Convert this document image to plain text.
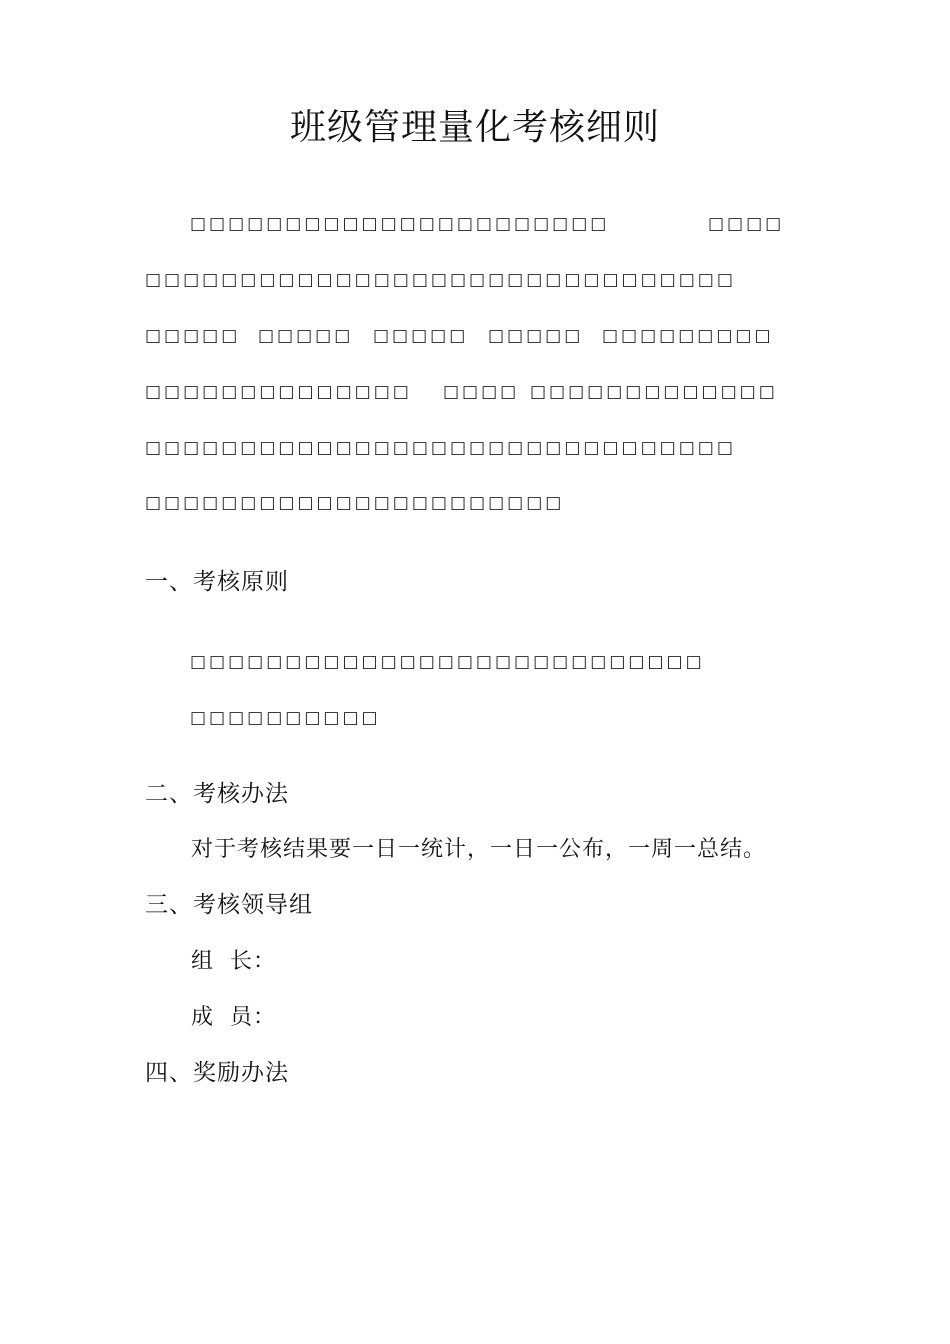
班级管理量化考核细则
□□□□□□□□□□□□□□□□□□□□□□	□□□□
□□□□□□□□□□□□□□□□□□□□□□□□□□□□□□□
□□□□□ □□□□□ □□□□□ □□□□□ □□□□□□□□□
□□□□□□□□□□□□□□ □□□□ □□□□□□□□□□□□□
□□□□□□□□□□□□□□□□□□□□□□□□□□□□□□□
□□□□□□□□□□□□□□□□□□□□□□
一、考核原则
□□□□□□□□□□□□□□□□□□□□□□□□□□□
□□□□□□□□□□
二、考核办法
对于考核结果要一日一统计，一日一公布，一周一总结。
三、考核领导组
组  长：
成  员：
四、奖励办法
